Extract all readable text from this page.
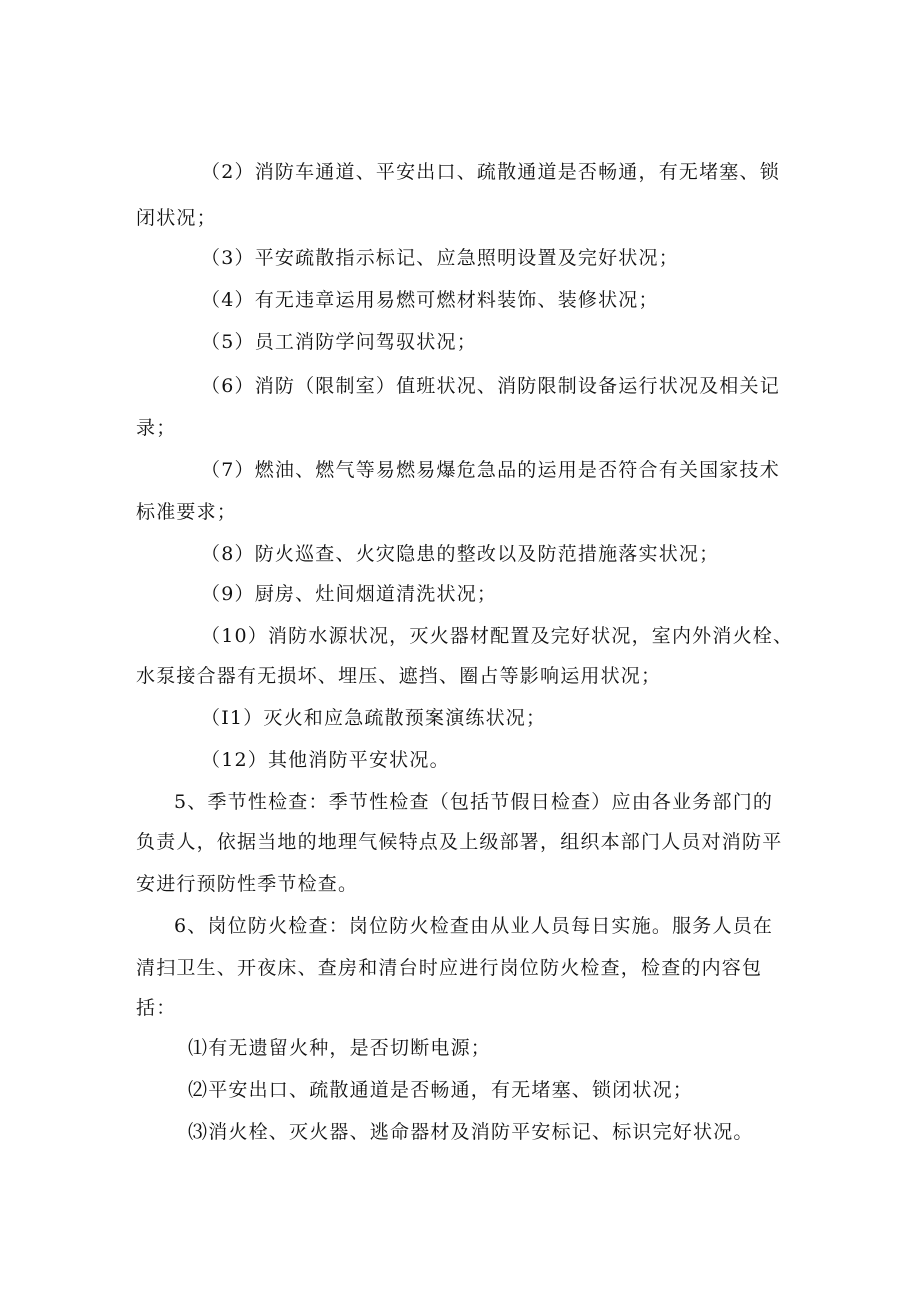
（2）消防车通道、平安出口、疏散通道是否畅通，有无堵塞、锁
闭状况；
（3）平安疏散指示标记、应急照明设置及完好状况；
（4）有无违章运用易燃可燃材料装饰、装修状况；
（5）员工消防学问驾驭状况；
（6）消防（限制室）值班状况、消防限制设备运行状况及相关记
录；
（7）燃油、燃气等易燃易爆危急品的运用是否符合有关国家技术
标准要求；
（8）防火巡查、火灾隐患的整改以及防范措施落实状况；
（9）厨房、灶间烟道清洗状况；
（10）消防水源状况，灭火器材配置及完好状况，室内外消火栓、
水泵接合器有无损坏、埋压、遮挡、圈占等影响运用状况；
（I1）灭火和应急疏散预案演练状况；
（12）其他消防平安状况。
5、季节性检查：季节性检查（包括节假日检查）应由各业务部门的
负责人，依据当地的地理气候特点及上级部署，组织本部门人员对消防平
安进行预防性季节检查。
6、岗位防火检查：岗位防火检查由从业人员每日实施。服务人员在
清扫卫生、开夜床、查房和清台时应进行岗位防火检查，检查的内容包
括：
⑴有无遗留火种，是否切断电源；
⑵平安出口、疏散通道是否畅通，有无堵塞、锁闭状况；
⑶消火栓、灭火器、逃命器材及消防平安标记、标识完好状况。
